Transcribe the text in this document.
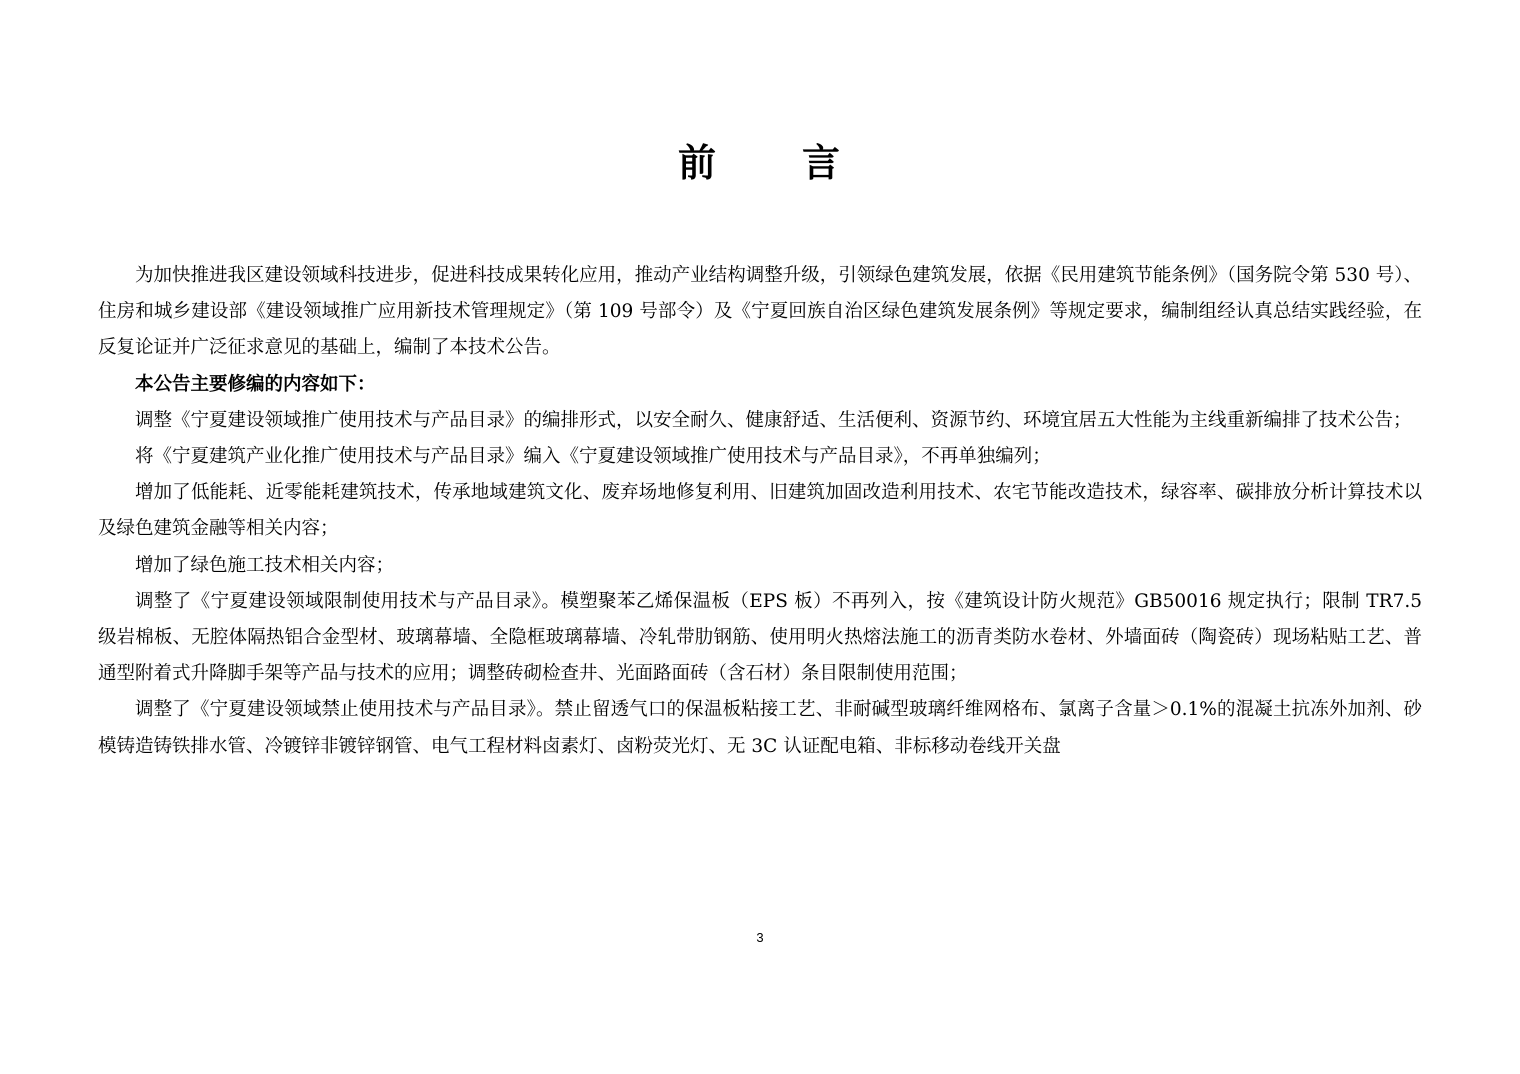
前 言

为加快推进我区建设领域科技进步，促进科技成果转化应用，推动产业结构调整升级，引领绿色建筑发展，依据《民用建筑节能条例》（国务院令第 530 号）、住房和城乡建设部《建设领域推广应用新技术管理规定》（第 109 号部令）及《宁夏回族自治区绿色建筑发展条例》等规定要求，编制组经认真总结实践经验，在反复论证并广泛征求意见的基础上，编制了本技术公告。

本公告主要修编的内容如下：

调整《宁夏建设领域推广使用技术与产品目录》的编排形式，以安全耐久、健康舒适、生活便利、资源节约、环境宜居五大性能为主线重新编排了技术公告；

将《宁夏建筑产业化推广使用技术与产品目录》编入《宁夏建设领域推广使用技术与产品目录》，不再单独编列；

增加了低能耗、近零能耗建筑技术，传承地域建筑文化、废弃场地修复利用、旧建筑加固改造利用技术、农宅节能改造技术，绿容率、碳排放分析计算技术以及绿色建筑金融等相关内容；

增加了绿色施工技术相关内容；

调整了《宁夏建设领域限制使用技术与产品目录》。模塑聚苯乙烯保温板（EPS 板）不再列入，按《建筑设计防火规范》GB50016 规定执行；限制 TR7.5 级岩棉板、无腔体隔热铝合金型材、玻璃幕墙、全隐框玻璃幕墙、冷轧带肋钢筋、使用明火热熔法施工的沥青类防水卷材、外墙面砖（陶瓷砖）现场粘贴工艺、普通型附着式升降脚手架等产品与技术的应用；调整砖砌检查井、光面路面砖（含石材）条目限制使用范围；

调整了《宁夏建设领域禁止使用技术与产品目录》。禁止留透气口的保温板粘接工艺、非耐碱型玻璃纤维网格布、氯离子含量＞0.1%的混凝土抗冻外加剂、砂模铸造铸铁排水管、冷镀锌非镀锌钢管、电气工程材料卤素灯、卤粉荧光灯、无 3C 认证配电箱、非标移动卷线开关盘

3
